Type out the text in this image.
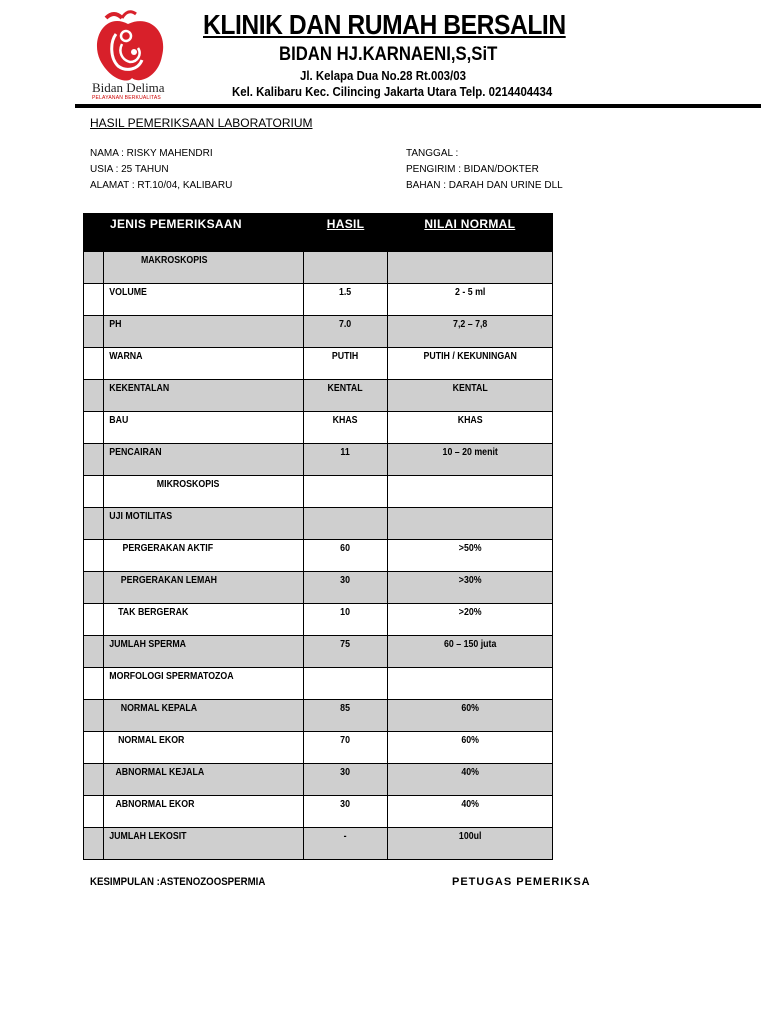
Bidan Delima
PELAYANAN BERKUALITAS
KLINIK DAN RUMAH BERSALIN
BIDAN HJ.KARNAENI,S,SiT
Jl. Kelapa Dua No.28 Rt.003/03
Kel. Kalibaru Kec. Cilincing Jakarta Utara Telp. 0214404434
HASIL PEMERIKSAAN LABORATORIUM
NAMA : RISKY MAHENDRI
USIA : 25 TAHUN
ALAMAT : RT.10/04, KALIBARU
TANGGAL :
PENGIRIM : BIDAN/DOKTER
BAHAN : DARAH DAN URINE DLL
JENIS PEMERIKSAAN		HASIL	NILAI NORMAL

	MAKROSKOPIS		

	VOLUME	1.5	2 - 5 ml

	PH	7.0	7,2 – 7,8

	WARNA	PUTIH	PUTIH / KEKUNINGAN

	KEKENTALAN	KENTAL	KENTAL

	BAU	KHAS	KHAS

	PENCAIRAN	11	10 – 20 menit

	MIKROSKOPIS		

	UJI MOTILITAS		

	PERGERAKAN AKTIF	60	>50%

	PERGERAKAN LEMAH	30	>30%

	TAK BERGERAK	10	>20%

	JUMLAH SPERMA	75	60 – 150 juta

	MORFOLOGI SPERMATOZOA		

	NORMAL KEPALA	85	60%

	NORMAL EKOR	70	60%

	ABNORMAL KEJALA	30	40%

	ABNORMAL EKOR	30	40%

	JUMLAH LEKOSIT	-	100ul
KESIMPULAN :ASTENOZOOSPERMIA	PETUGAS PEMERIKSA
